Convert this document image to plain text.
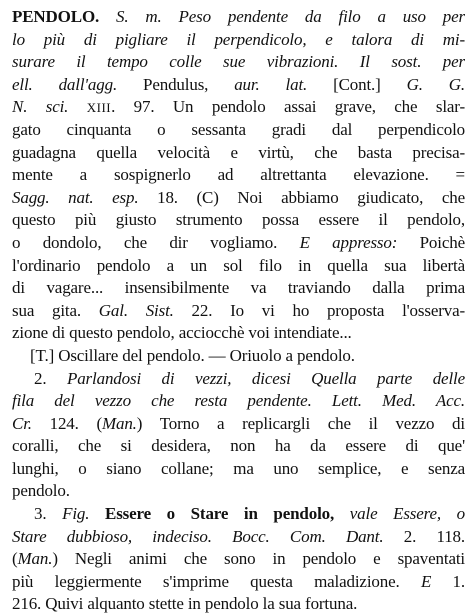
PENDOLO. S. m. Peso pendente da filo a uso per
lo più di pigliare il perpendicolo, e talora di mi-
surare il tempo colle sue vibrazioni. Il sost. per
ell. dall'agg. Pendulus, aur. lat. [Cont.] G. G.
N. sci. XIII. 97. Un pendolo assai grave, che slar-
gato cinquanta o sessanta gradi dal perpendicolo
guadagna quella velocità e virtù, che basta precisa-
mente a sospignerlo ad altrettanta elevazione. =
Sagg. nat. esp. 18. (C) Noi abbiamo giudicato, che
questo più giusto strumento possa essere il pendolo,
o dondolo, che dir vogliamo. E appresso: Poichè
l'ordinario pendolo a un sol filo in quella sua libertà
di vagare... insensibilmente va traviando dalla prima
sua gita. Gal. Sist. 22. Io vi ho proposta l'osserva-
zione di questo pendolo, acciocchè voi intendiate...
[T.] Oscillare del pendolo. — Oriuolo a pendolo.
2. Parlandosi di vezzi, dicesi Quella parte delle
fila del vezzo che resta pendente. Lett. Med. Acc.
Cr. 124. (Man.) Torno a replicargli che il vezzo di
coralli, che si desidera, non ha da essere di que'
lunghi, o siano collane; ma uno semplice, e senza
pendolo.
3. Fig. Essere o Stare in pendolo, vale Essere, o
Stare dubbioso, indeciso. Bocc. Com. Dant. 2. 118.
(Man.) Negli animi che sono in pendolo e spaventati
più leggiermente s'imprime questa maladizione. E 1.
216. Quivi alquanto stette in pendolo la sua fortuna.
